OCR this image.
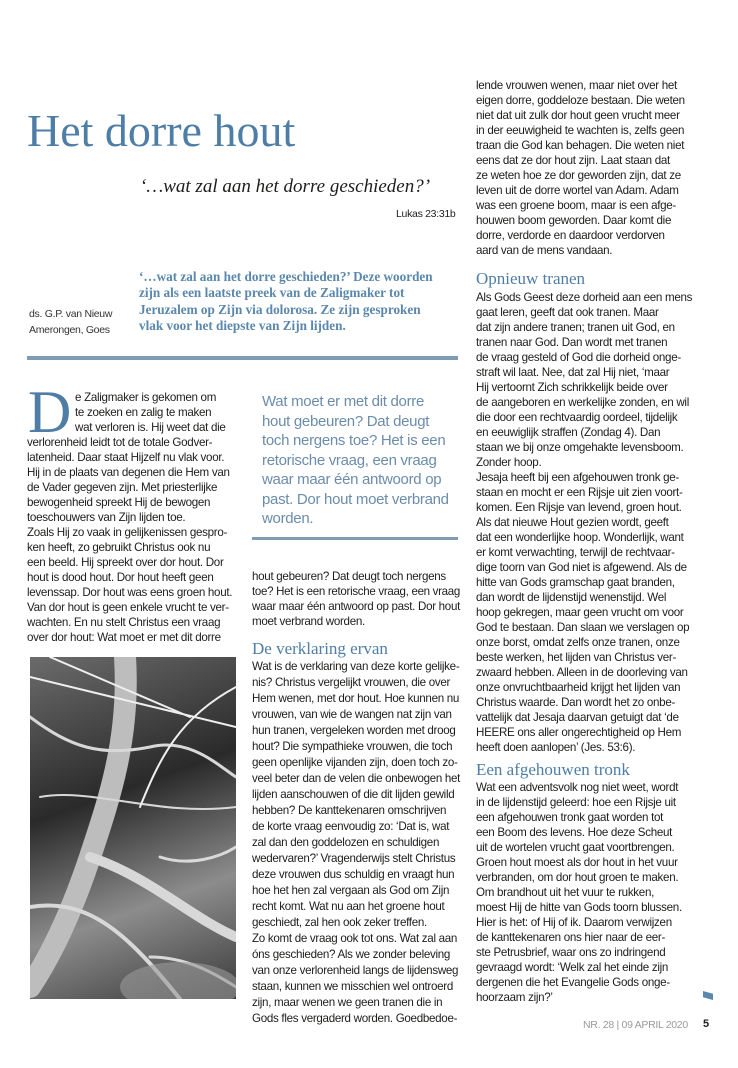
Het dorre hout
‘…wat zal aan het dorre geschieden?’
Lukas 23:31b
ds. G.P. van Nieuw
Amerongen, Goes
‘…wat zal aan het dorre geschieden?’ Deze woorden
zijn als een laatste preek van de Zaligmaker tot
Jeruzalem op Zijn via dolorosa. Ze zijn gesproken
vlak voor het diepste van Zijn lijden.
D e Zaligmaker is gekomen om
te zoeken en zalig te maken
wat verloren is. Hij weet dat die
verlorenheid leidt tot de totale Godver-
latenheid. Daar staat Hijzelf nu vlak voor.
Hij in de plaats van degenen die Hem van
de Vader gegeven zijn. Met priesterlijke
bewogenheid spreekt Hij de bewogen
toeschouwers van Zijn lijden toe.
Zoals Hij zo vaak in gelijkenissen gespro-
ken heeft, zo gebruikt Christus ook nu
een beeld. Hij spreekt over dor hout. Dor
hout is dood hout. Dor hout heeft geen
levenssap. Dor hout was eens groen hout.
Van dor hout is geen enkele vrucht te ver-
wachten. En nu stelt Christus een vraag
over dor hout: Wat moet er met dit dorre
Wat moet er met dit dorre
hout gebeuren? Dat deugt
toch nergens toe? Het is een
retorische vraag, een vraag
waar maar één antwoord op
past. Dor hout moet verbrand
worden.
hout gebeuren? Dat deugt toch nergens
toe? Het is een retorische vraag, een vraag
waar maar één antwoord op past. Dor hout
moet verbrand worden.
De verklaring ervan
Wat is de verklaring van deze korte gelijke-
nis? Christus vergelijkt vrouwen, die over
Hem wenen, met dor hout. Hoe kunnen nu
vrouwen, van wie de wangen nat zijn van
hun tranen, vergeleken worden met droog
hout? Die sympathieke vrouwen, die toch
geen openlijke vijanden zijn, doen toch zo-
veel beter dan de velen die onbewogen het
lijden aanschouwen of die dit lijden gewild
hebben? De kanttekenaren omschrijven
de korte vraag eenvoudig zo: ‘Dat is, wat
zal dan den goddelozen en schuldigen
wedervaren?’ Vragenderwijs stelt Christus
deze vrouwen dus schuldig en vraagt hun
hoe het hen zal vergaan als God om Zijn
recht komt. Wat nu aan het groene hout
geschiedt, zal hen ook zeker treffen.
Zo komt de vraag ook tot ons. Wat zal aan
óns geschieden? Als we zonder beleving
van onze verlorenheid langs de lijdensweg
staan, kunnen we misschien wel ontroerd
zijn, maar wenen we geen tranen die in
Gods fles vergaderd worden. Goedbedoe-
lende vrouwen wenen, maar niet over het
eigen dorre, goddeloze bestaan. Die weten
niet dat uit zulk dor hout geen vrucht meer
in der eeuwigheid te wachten is, zelfs geen
traan die God kan behagen. Die weten niet
eens dat ze dor hout zijn. Laat staan dat
ze weten hoe ze dor geworden zijn, dat ze
leven uit de dorre wortel van Adam. Adam
was een groene boom, maar is een afge-
houwen boom geworden. Daar komt die
dorre, verdorde en daardoor verdorven
aard van de mens vandaan.
Opnieuw tranen
Als Gods Geest deze dorheid aan een mens
gaat leren, geeft dat ook tranen. Maar
dat zijn andere tranen; tranen uit God, en
tranen naar God. Dan wordt met tranen
de vraag gesteld of God die dorheid onge-
straft wil laat. Nee, dat zal Hij niet, ‘maar
Hij vertoornt Zich schrikkelijk beide over
de aangeboren en werkelijke zonden, en wil
die door een rechtvaardig oordeel, tijdelijk
en eeuwiglijk straffen (Zondag 4). Dan
staan we bij onze omgehakte levensboom.
Zonder hoop.
Jesaja heeft bij een afgehouwen tronk ge-
staan en mocht er een Rijsje uit zien voort-
komen. Een Rijsje van levend, groen hout.
Als dat nieuwe Hout gezien wordt, geeft
dat een wonderlijke hoop. Wonderlijk, want
er komt verwachting, terwijl de rechtvaar-
dige toorn van God niet is afgewend. Als de
hitte van Gods gramschap gaat branden,
dan wordt de lijdenstijd wenenstijd. Wel
hoop gekregen, maar geen vrucht om voor
God te bestaan. Dan slaan we verslagen op
onze borst, omdat zelfs onze tranen, onze
beste werken, het lijden van Christus ver-
zwaard hebben. Alleen in de doorleving van
onze onvruchtbaarheid krijgt het lijden van
Christus waarde. Dan wordt het zo onbe-
vattelijk dat Jesaja daarvan getuigt dat ‘de
HEERE ons aller ongerechtigheid op Hem
heeft doen aanlopen’ (Jes. 53:6).
Een afgehouwen tronk
Wat een adventsvolk nog niet weet, wordt
in de lijdenstijd geleerd: hoe een Rijsje uit
een afgehouwen tronk gaat worden tot
een Boom des levens. Hoe deze Scheut
uit de wortelen vrucht gaat voortbrengen.
Groen hout moest als dor hout in het vuur
verbranden, om dor hout groen te maken.
Om brandhout uit het vuur te rukken,
moest Hij de hitte van Gods toorn blussen.
Hier is het: of Hij of ik. Daarom verwijzen
de kanttekenaren ons hier naar de eer-
ste Petrusbrief, waar ons zo indringend
gevraagd wordt: ‘Welk zal het einde zijn
dergenen die het Evangelie Gods onge-
hoorzaam zijn?’
NR. 28 | 09 APRIL 2020 5
